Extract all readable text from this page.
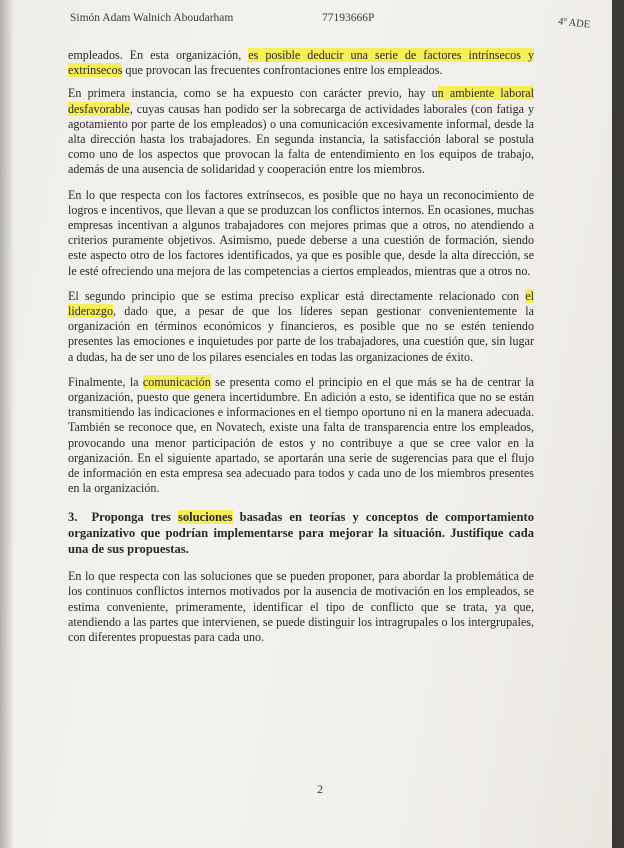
Simón Adam Walnich Aboudarham	77193666P	4º ADE

empleados. En esta organización, es posible deducir una serie de factores intrínsecos y extrínsecos que provocan las frecuentes confrontaciones entre los empleados.

En primera instancia, como se ha expuesto con carácter previo, hay un ambiente laboral desfavorable, cuyas causas han podido ser la sobrecarga de actividades laborales (con fatiga y agotamiento por parte de los empleados) o una comunicación excesivamente informal, desde la alta dirección hasta los trabajadores. En segunda instancia, la satisfacción laboral se postula como uno de los aspectos que provocan la falta de entendimiento en los equipos de trabajo, además de una ausencia de solidaridad y cooperación entre los miembros.

En lo que respecta con los factores extrínsecos, es posible que no haya un reconocimiento de logros e incentivos, que llevan a que se produzcan los conflictos internos. En ocasiones, muchas empresas incentivan a algunos trabajadores con mejores primas que a otros, no atendiendo a criterios puramente objetivos. Asimismo, puede deberse a una cuestión de formación, siendo este aspecto otro de los factores identificados, ya que es posible que, desde la alta dirección, se le esté ofreciendo una mejora de las competencias a ciertos empleados, mientras que a otros no.

El segundo principio que se estima preciso explicar está directamente relacionado con el liderazgo, dado que, a pesar de que los líderes sepan gestionar convenientemente la organización en términos económicos y financieros, es posible que no se estén teniendo presentes las emociones e inquietudes por parte de los trabajadores, una cuestión que, sin lugar a dudas, ha de ser uno de los pilares esenciales en todas las organizaciones de éxito.

Finalmente, la comunicación se presenta como el principio en el que más se ha de centrar la organización, puesto que genera incertidumbre. En adición a esto, se identifica que no se están transmitiendo las indicaciones e informaciones en el tiempo oportuno ni en la manera adecuada. También se reconoce que, en Novatech, existe una falta de transparencia entre los empleados, provocando una menor participación de estos y no contribuye a que se cree valor en la organización. En el siguiente apartado, se aportarán una serie de sugerencias para que el flujo de información en esta empresa sea adecuado para todos y cada uno de los miembros presentes en la organización.

3. Proponga tres soluciones basadas en teorías y conceptos de comportamiento organizativo que podrían implementarse para mejorar la situación. Justifique cada una de sus propuestas.

En lo que respecta con las soluciones que se pueden proponer, para abordar la problemática de los continuos conflictos internos motivados por la ausencia de motivación en los empleados, se estima conveniente, primeramente, identificar el tipo de conflicto que se trata, ya que, atendiendo a las partes que intervienen, se puede distinguir los intragrupales o los intergrupales, con diferentes propuestas para cada uno.

2
